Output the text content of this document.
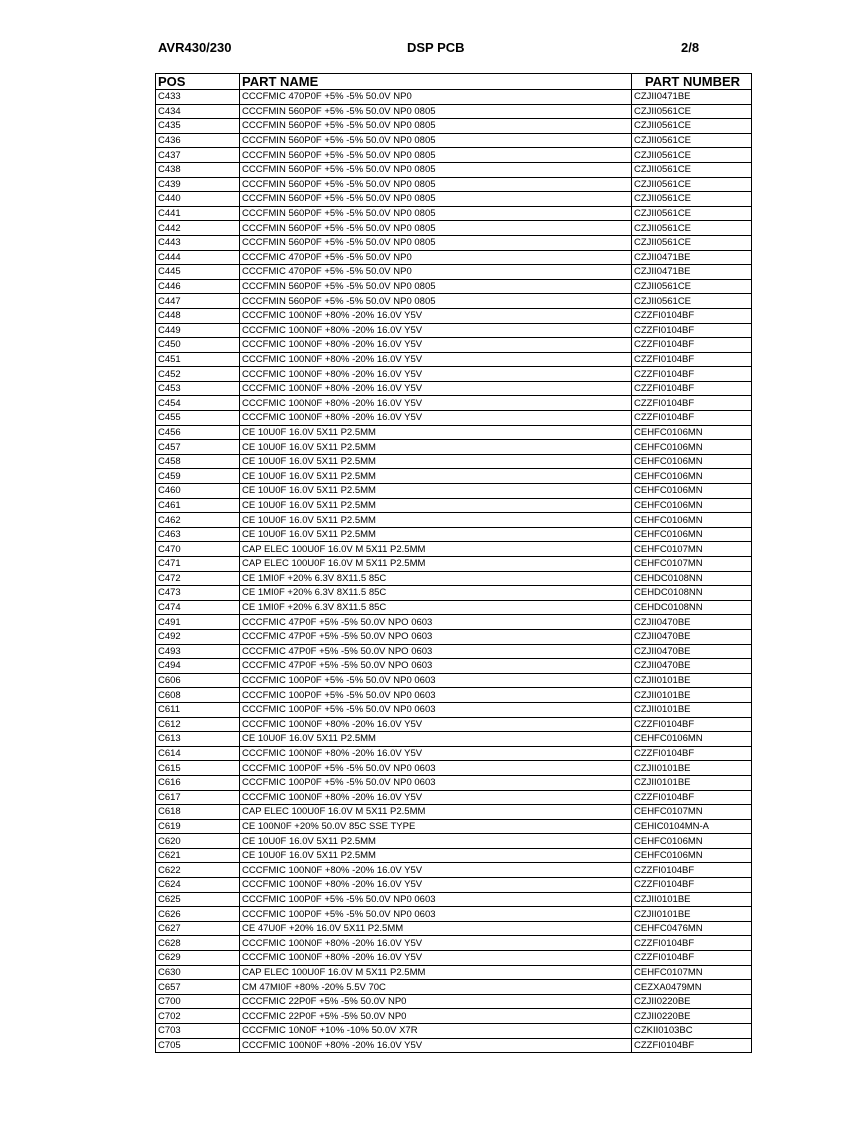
AVR430/230	DSP PCB	2/8
POS	PART NAME	PART NUMBER
C433	CCCFMIC 470P0F +5% -5% 50.0V NP0	CZJII0471BE
C434	CCCFMIN 560P0F +5% -5% 50.0V NP0 0805	CZJII0561CE
C435	CCCFMIN 560P0F +5% -5% 50.0V NP0 0805	CZJII0561CE
C436	CCCFMIN 560P0F +5% -5% 50.0V NP0 0805	CZJII0561CE
C437	CCCFMIN 560P0F +5% -5% 50.0V NP0 0805	CZJII0561CE
C438	CCCFMIN 560P0F +5% -5% 50.0V NP0 0805	CZJII0561CE
C439	CCCFMIN 560P0F +5% -5% 50.0V NP0 0805	CZJII0561CE
C440	CCCFMIN 560P0F +5% -5% 50.0V NP0 0805	CZJII0561CE
C441	CCCFMIN 560P0F +5% -5% 50.0V NP0 0805	CZJII0561CE
C442	CCCFMIN 560P0F +5% -5% 50.0V NP0 0805	CZJII0561CE
C443	CCCFMIN 560P0F +5% -5% 50.0V NP0 0805	CZJII0561CE
C444	CCCFMIC 470P0F +5% -5% 50.0V NP0	CZJII0471BE
C445	CCCFMIC 470P0F +5% -5% 50.0V NP0	CZJII0471BE
C446	CCCFMIN 560P0F +5% -5% 50.0V NP0 0805	CZJII0561CE
C447	CCCFMIN 560P0F +5% -5% 50.0V NP0 0805	CZJII0561CE
C448	CCCFMIC 100N0F +80% -20% 16.0V Y5V	CZZFI0104BF
C449	CCCFMIC 100N0F +80% -20% 16.0V Y5V	CZZFI0104BF
C450	CCCFMIC 100N0F +80% -20% 16.0V Y5V	CZZFI0104BF
C451	CCCFMIC 100N0F +80% -20% 16.0V Y5V	CZZFI0104BF
C452	CCCFMIC 100N0F +80% -20% 16.0V Y5V	CZZFI0104BF
C453	CCCFMIC 100N0F +80% -20% 16.0V Y5V	CZZFI0104BF
C454	CCCFMIC 100N0F +80% -20% 16.0V Y5V	CZZFI0104BF
C455	CCCFMIC 100N0F +80% -20% 16.0V Y5V	CZZFI0104BF
C456	CE 10U0F 16.0V 5X11 P2.5MM	CEHFC0106MN
C457	CE 10U0F 16.0V 5X11 P2.5MM	CEHFC0106MN
C458	CE 10U0F 16.0V 5X11 P2.5MM	CEHFC0106MN
C459	CE 10U0F 16.0V 5X11 P2.5MM	CEHFC0106MN
C460	CE 10U0F 16.0V 5X11 P2.5MM	CEHFC0106MN
C461	CE 10U0F 16.0V 5X11 P2.5MM	CEHFC0106MN
C462	CE 10U0F 16.0V 5X11 P2.5MM	CEHFC0106MN
C463	CE 10U0F 16.0V 5X11 P2.5MM	CEHFC0106MN
C470	CAP ELEC 100U0F 16.0V M 5X11 P2.5MM	CEHFC0107MN
C471	CAP ELEC 100U0F 16.0V M 5X11 P2.5MM	CEHFC0107MN
C472	CE 1MI0F +20% 6.3V 8X11.5 85C	CEHDC0108NN
C473	CE 1MI0F +20% 6.3V 8X11.5 85C	CEHDC0108NN
C474	CE 1MI0F +20% 6.3V 8X11.5 85C	CEHDC0108NN
C491	CCCFMIC 47P0F +5% -5% 50.0V NPO 0603	CZJII0470BE
C492	CCCFMIC 47P0F +5% -5% 50.0V NPO 0603	CZJII0470BE
C493	CCCFMIC 47P0F +5% -5% 50.0V NPO 0603	CZJII0470BE
C494	CCCFMIC 47P0F +5% -5% 50.0V NPO 0603	CZJII0470BE
C606	CCCFMIC 100P0F +5% -5% 50.0V NP0 0603	CZJII0101BE
C608	CCCFMIC 100P0F +5% -5% 50.0V NP0 0603	CZJII0101BE
C611	CCCFMIC 100P0F +5% -5% 50.0V NP0 0603	CZJII0101BE
C612	CCCFMIC 100N0F +80% -20% 16.0V Y5V	CZZFI0104BF
C613	CE 10U0F 16.0V 5X11 P2.5MM	CEHFC0106MN
C614	CCCFMIC 100N0F +80% -20% 16.0V Y5V	CZZFI0104BF
C615	CCCFMIC 100P0F +5% -5% 50.0V NP0 0603	CZJII0101BE
C616	CCCFMIC 100P0F +5% -5% 50.0V NP0 0603	CZJII0101BE
C617	CCCFMIC 100N0F +80% -20% 16.0V Y5V	CZZFI0104BF
C618	CAP ELEC 100U0F 16.0V M 5X11 P2.5MM	CEHFC0107MN
C619	CE 100N0F +20% 50.0V 85C SSE TYPE	CEHIC0104MN-A
C620	CE 10U0F 16.0V 5X11 P2.5MM	CEHFC0106MN
C621	CE 10U0F 16.0V 5X11 P2.5MM	CEHFC0106MN
C622	CCCFMIC 100N0F +80% -20% 16.0V Y5V	CZZFI0104BF
C624	CCCFMIC 100N0F +80% -20% 16.0V Y5V	CZZFI0104BF
C625	CCCFMIC 100P0F +5% -5% 50.0V NP0 0603	CZJII0101BE
C626	CCCFMIC 100P0F +5% -5% 50.0V NP0 0603	CZJII0101BE
C627	CE 47U0F +20% 16.0V 5X11 P2.5MM	CEHFC0476MN
C628	CCCFMIC 100N0F +80% -20% 16.0V Y5V	CZZFI0104BF
C629	CCCFMIC 100N0F +80% -20% 16.0V Y5V	CZZFI0104BF
C630	CAP ELEC 100U0F 16.0V M 5X11 P2.5MM	CEHFC0107MN
C657	CM 47MI0F +80% -20% 5.5V 70C	CEZXA0479MN
C700	CCCFMIC 22P0F +5% -5% 50.0V NP0	CZJII0220BE
C702	CCCFMIC 22P0F +5% -5% 50.0V NP0	CZJII0220BE
C703	CCCFMIC 10N0F +10% -10% 50.0V X7R	CZKII0103BC
C705	CCCFMIC 100N0F +80% -20% 16.0V Y5V	CZZFI0104BF
